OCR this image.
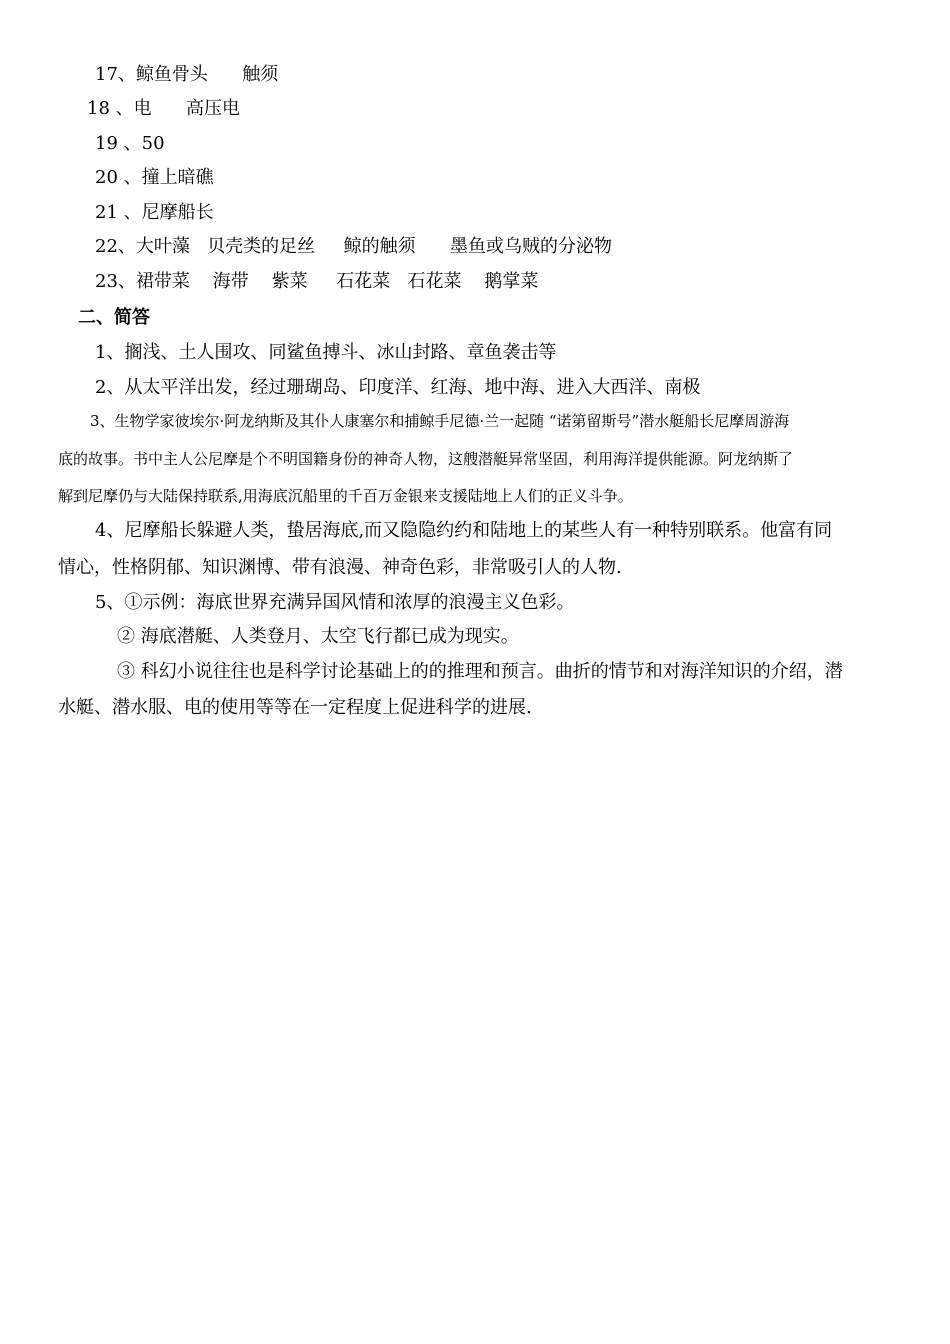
17、鲸鱼骨头      触须
18 、电      高压电
19 、50
20 、撞上暗礁
21 、尼摩船长
22、大叶藻   贝壳类的足丝     鲸的触须      墨鱼或乌贼的分泌物
23、裙带菜    海带    紫菜     石花菜   石花菜    鹅掌菜
二、简答
1、搁浅、土人围攻、同鲨鱼搏斗、冰山封路、章鱼袭击等
2、从太平洋出发，经过珊瑚岛、印度洋、红海、地中海、进入大西洋、南极
3、生物学家彼埃尔·阿龙纳斯及其仆人康塞尔和捕鲸手尼德·兰一起随 “诺第留斯号”潜水艇船长尼摩周游海
底的故事。书中主人公尼摩是个不明国籍身份的神奇人物，这艘潜艇异常坚固，利用海洋提供能源。阿龙纳斯了
解到尼摩仍与大陆保持联系,用海底沉船里的千百万金银来支援陆地上人们的正义斗争。
4、尼摩船长躲避人类，蛰居海底,而又隐隐约约和陆地上的某些人有一种特别联系。他富有同
情心，性格阴郁、知识渊博、带有浪漫、神奇色彩，非常吸引人的人物.
5、①示例：海底世界充满异国风情和浓厚的浪漫主义色彩。
② 海底潜艇、人类登月、太空飞行都已成为现实。
③ 科幻小说往往也是科学讨论基础上的的推理和预言。曲折的情节和对海洋知识的介绍，潜
水艇、潜水服、电的使用等等在一定程度上促进科学的进展.
